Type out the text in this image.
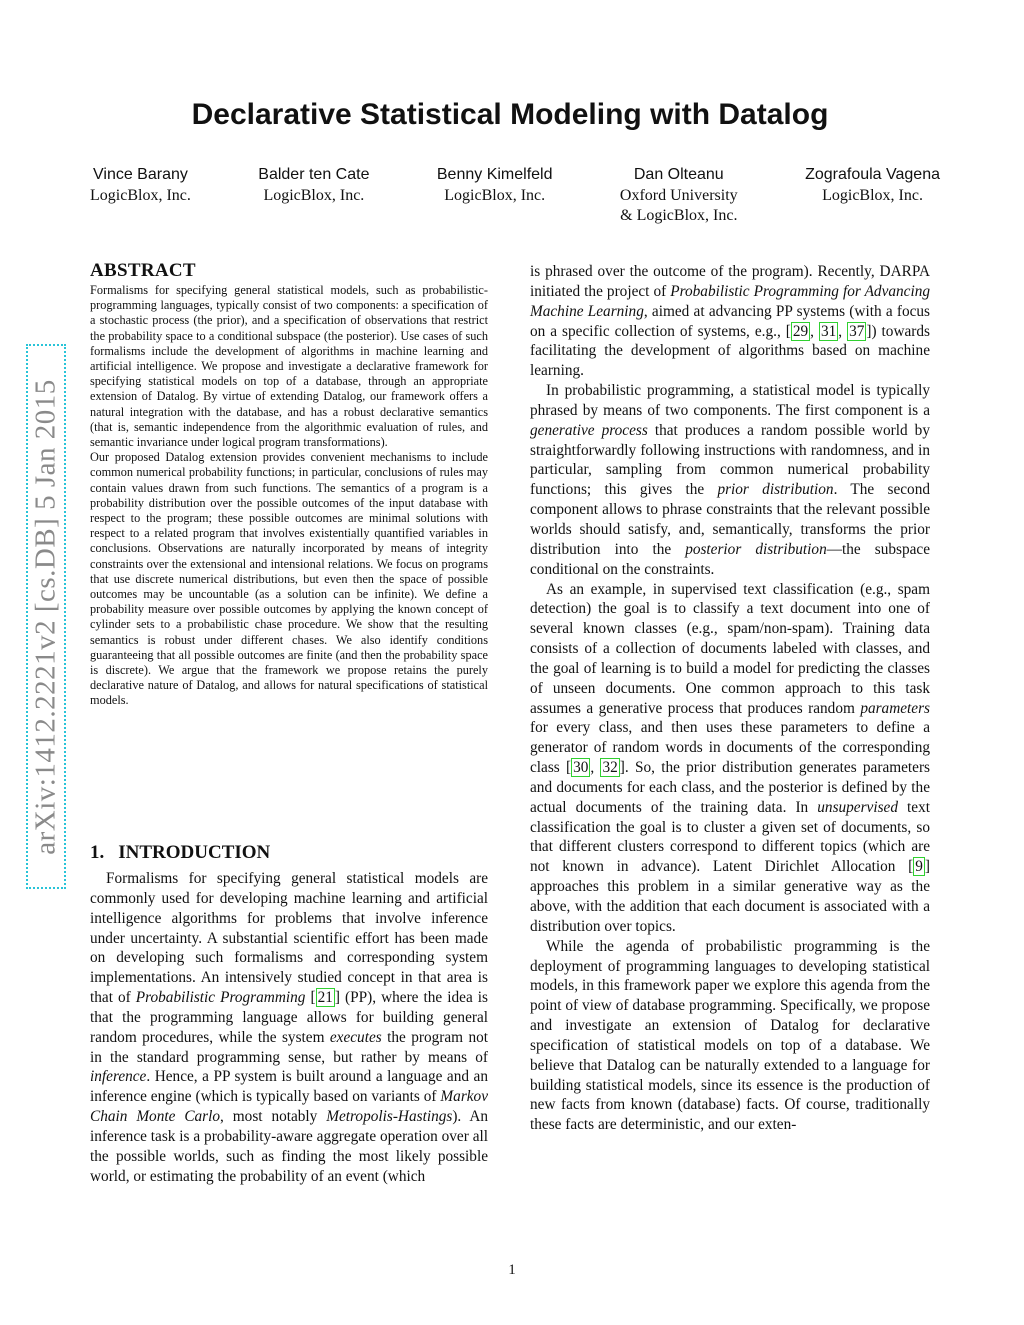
arXiv:1412.2221v2 [cs.DB] 5 Jan 2015
Declarative Statistical Modeling with Datalog
Vince Barany
LogicBlox, Inc.
Balder ten Cate
LogicBlox, Inc.
Benny Kimelfeld
LogicBlox, Inc.
Dan Olteanu
Oxford University
& LogicBlox, Inc.
Zografoula Vagena
LogicBlox, Inc.
ABSTRACT

Formalisms for specifying general statistical models, such as probabilistic-programming languages, typically consist of two components: a specification of a stochastic process (the prior), and a specification of observations that restrict the probability space to a conditional subspace (the posterior). Use cases of such formalisms include the development of algorithms in machine learning and artificial intelligence. We propose and investigate a declarative framework for specifying statistical models on top of a database, through an appropriate extension of Datalog. By virtue of extending Datalog, our framework offers a natural integration with the database, and has a robust declarative semantics (that is, semantic independence from the algorithmic evaluation of rules, and semantic invariance under logical program transformations).

Our proposed Datalog extension provides convenient mechanisms to include common numerical probability functions; in particular, conclusions of rules may contain values drawn from such functions. The semantics of a program is a probability distribution over the possible outcomes of the input database with respect to the program; these possible outcomes are minimal solutions with respect to a related program that involves existentially quantified variables in conclusions. Observations are naturally incorporated by means of integrity constraints over the extensional and intensional relations. We focus on programs that use discrete numerical distributions, but even then the space of possible outcomes may be uncountable (as a solution can be infinite). We define a probability measure over possible outcomes by applying the known concept of cylinder sets to a probabilistic chase procedure. We show that the resulting semantics is robust under different chases. We also identify conditions guaranteeing that all possible outcomes are finite (and then the probability space is discrete). We argue that the framework we propose retains the purely declarative nature of Datalog, and allows for natural specifications of statistical models.

1. INTRODUCTION

Formalisms for specifying general statistical models are commonly used for developing machine learning and artificial intelligence algorithms for problems that involve inference under uncertainty. A substantial scientific effort has been made on developing such formalisms and corresponding system implementations. An intensively studied concept in that area is that of Probabilistic Programming [ 21 ] (PP), where the idea is that the programming language allows for building general random procedures, while the system executes the program not in the standard programming sense, but rather by means of inference. Hence, a PP system is built around a language and an inference engine (which is typically based on variants of Markov Chain Monte Carlo, most notably Metropolis-Hastings). An inference task is a probability-aware aggregate operation over all the possible worlds, such as finding the most likely possible world, or estimating the probability of an event (which

is phrased over the outcome of the program). Recently, DARPA initiated the project of Probabilistic Programming for Advancing Machine Learning, aimed at advancing PP systems (with a focus on a specific collection of systems, e.g., [ 29 , 31 , 37 ]) towards facilitating the development of algorithms based on machine learning.

In probabilistic programming, a statistical model is typically phrased by means of two components. The first component is a generative process that produces a random possible world by straightforwardly following instructions with randomness, and in particular, sampling from common numerical probability functions; this gives the prior distribution. The second component allows to phrase constraints that the relevant possible worlds should satisfy, and, semantically, transforms the prior distribution into the posterior distribution—the subspace conditional on the constraints.

As an example, in supervised text classification (e.g., spam detection) the goal is to classify a text document into one of several known classes (e.g., spam/non-spam). Training data consists of a collection of documents labeled with classes, and the goal of learning is to build a model for predicting the classes of unseen documents. One common approach to this task assumes a generative process that produces random parameters for every class, and then uses these parameters to define a generator of random words in documents of the corresponding class [ 30 , 32 ]. So, the prior distribution generates parameters and documents for each class, and the posterior is defined by the actual documents of the training data. In unsupervised text classification the goal is to cluster a given set of documents, so that different clusters correspond to different topics (which are not known in advance). Latent Dirichlet Allocation [ 9 ] approaches this problem in a similar generative way as the above, with the addition that each document is associated with a distribution over topics.

While the agenda of probabilistic programming is the deployment of programming languages to developing statistical models, in this framework paper we explore this agenda from the point of view of database programming. Specifically, we propose and investigate an extension of Datalog for declarative specification of statistical models on top of a database. We believe that Datalog can be naturally extended to a language for building statistical models, since its essence is the production of new facts from known (database) facts. Of course, traditionally these facts are deterministic, and our exten-

1
